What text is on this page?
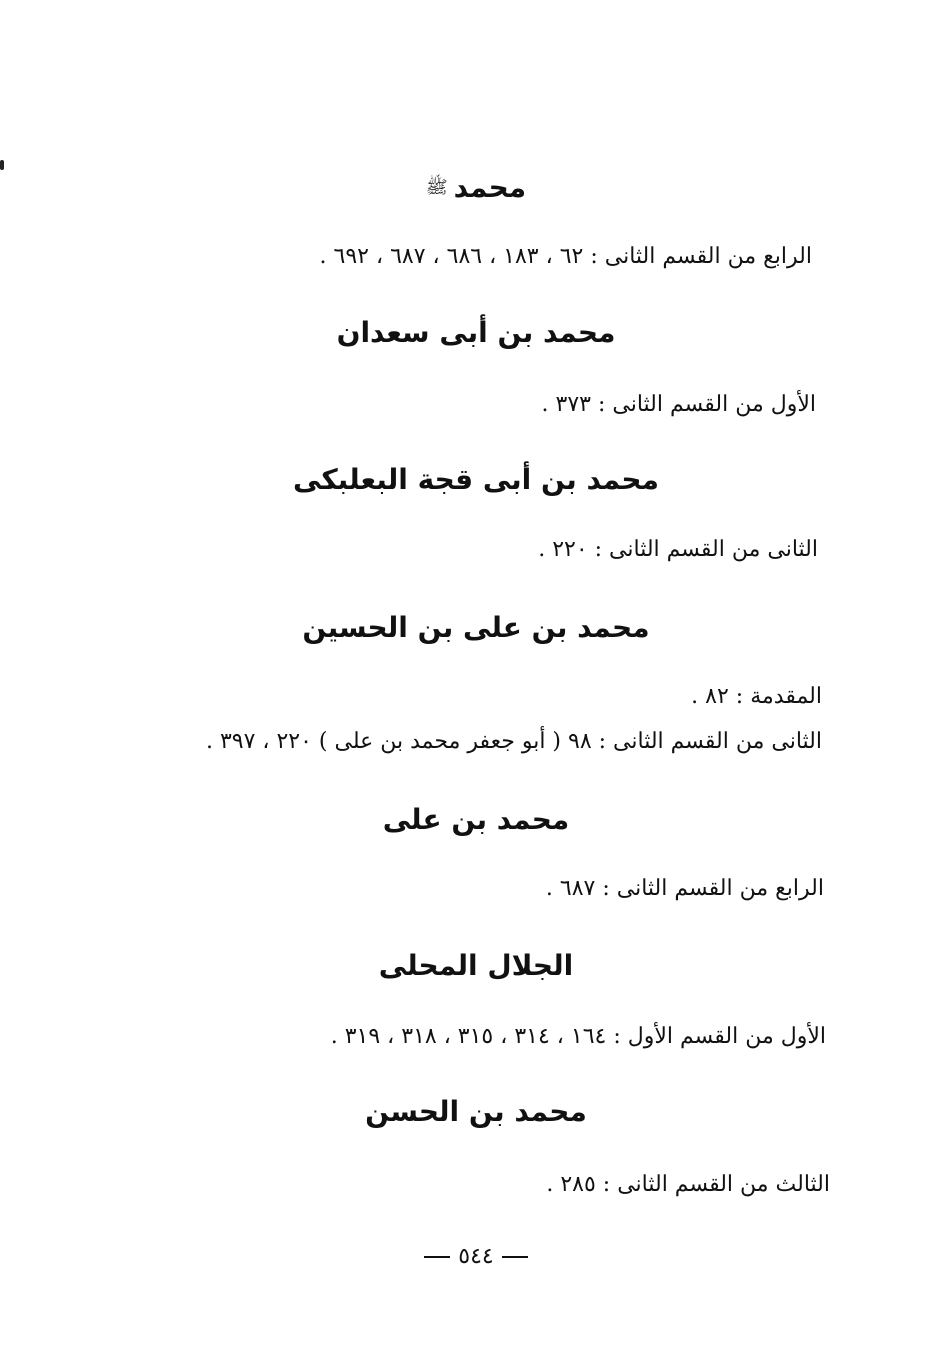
محمد$^ﷺ$
الرابع من القسم الثانى : ٦٢ ، ١٨٣ ، ٦٨٦ ، ٦٨٧ ، ٦٩٢ .
محمد بن أبى سعدان
الأول من القسم الثانى : ٣٧٣ .
محمد بن أبى قجة البعلبكى
الثانى من القسم الثانى : ٢٢٠ .
محمد بن على بن الحسين
المقدمة : ٨٢ .
الثانى من القسم الثانى : ٩٨ ( أبو جعفر محمد بن على ) ٢٢٠ ، ٣٩٧ .
محمد بن على
الرابع من القسم الثانى : ٦٨٧ .
الجلال المحلى
الأول من القسم الأول : ١٦٤ ، ٣١٤ ، ٣١٥ ، ٣١٨ ، ٣١٩ .
محمد بن الحسن
الثالث من القسم الثانى : ٢٨٥ .
٥٤٤
